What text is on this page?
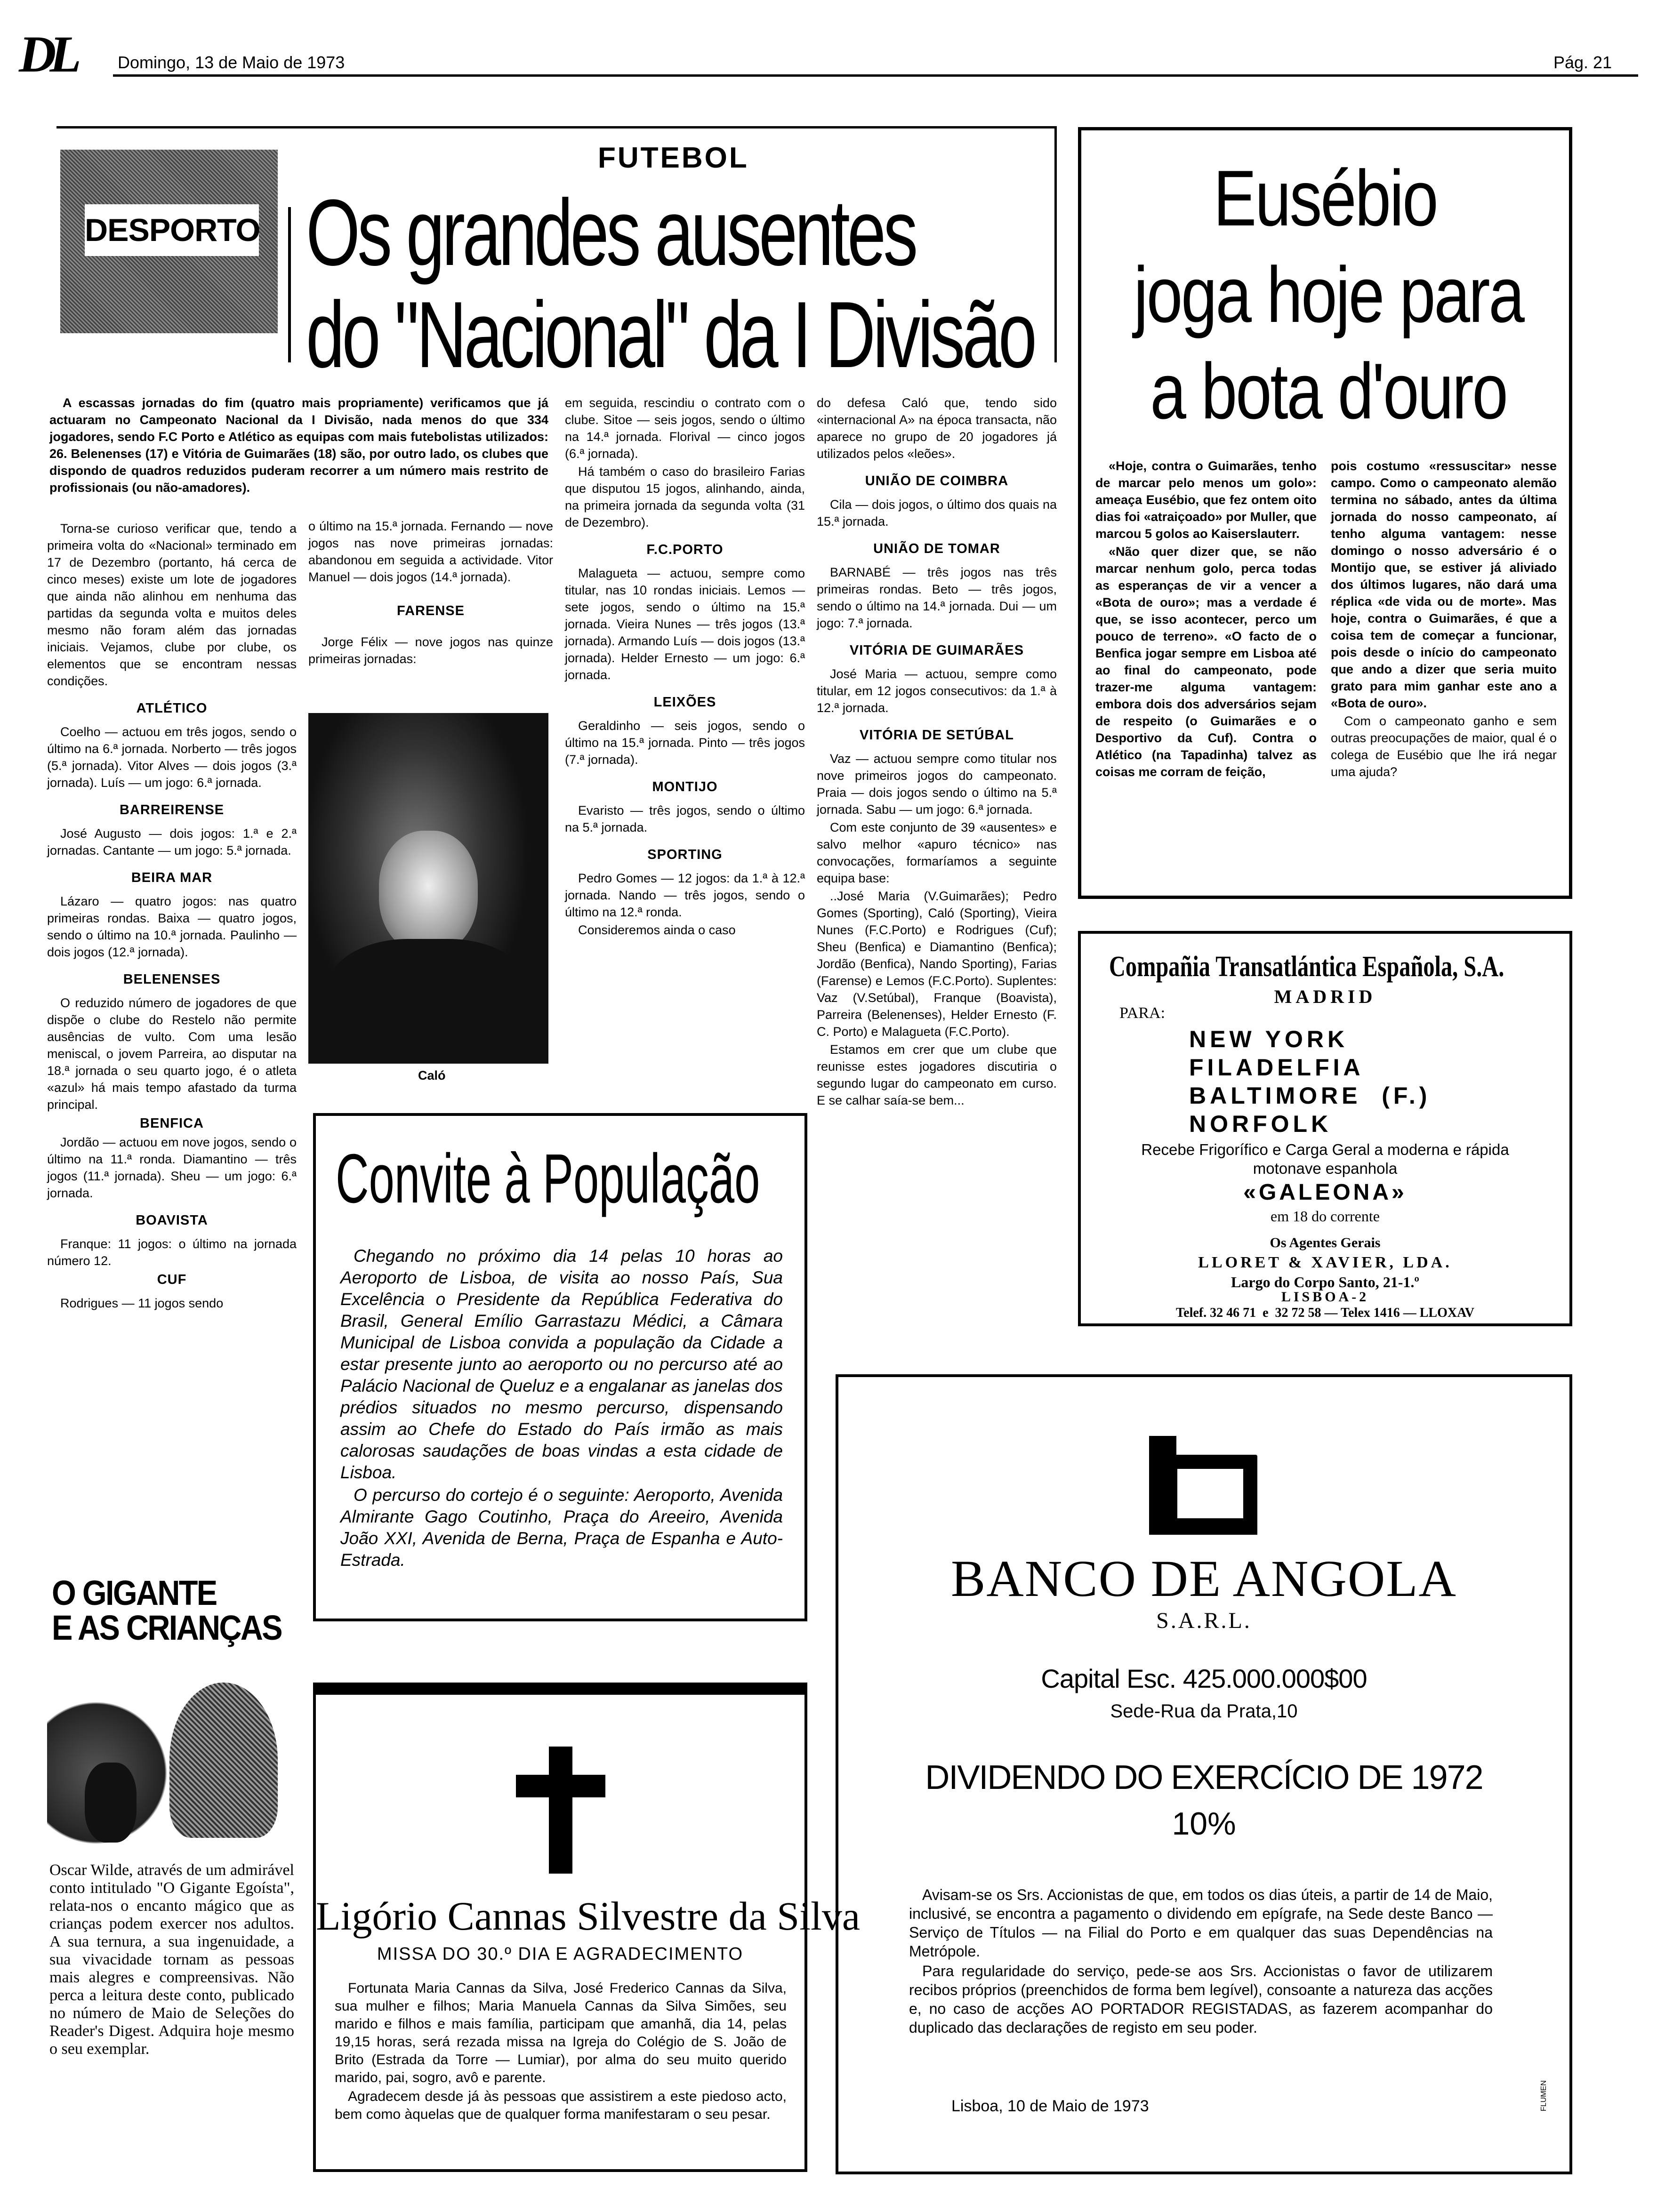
DL	Domingo, 13 de Maio de 1973	Pág. 21
DESPORTO
FUTEBOL
Os grandes ausentes
do "Nacional" da I Divisão

A escassas jornadas do fim (quatro mais propriamente) verificamos que já actuaram no Campeonato Nacional da I Divisão, nada menos do que 334 jogadores, sendo F.C Porto e Atlético as equipas com mais futebolistas utilizados: 26. Belenenses (17) e Vitória de Guimarães (18) são, por outro lado, os clubes que dispondo de quadros reduzidos puderam recorrer a um número mais restrito de profissionais (ou não-amadores).

Torna-se curioso verificar que, tendo a primeira volta do «Nacional» terminado em 17 de Dezembro (portanto, há cerca de cinco meses) existe um lote de jogadores que ainda não alinhou em nenhuma das partidas da segunda volta e muitos deles mesmo não foram além das jornadas iniciais. Vejamos, clube por clube, os elementos que se encontram nessas condições.

ATLÉTICO

Coelho — actuou em três jogos, sendo o último na 6.ª jornada. Norberto — três jogos (5.ª jornada). Vitor Alves — dois jogos (3.ª jornada). Luís — um jogo: 6.ª jornada.

BARREIRENSE

José Augusto — dois jogos: 1.ª e 2.ª jornadas. Cantante — um jogo: 5.ª jornada.

BEIRA MAR

Lázaro — quatro jogos: nas quatro primeiras rondas. Baixa — quatro jogos, sendo o último na 10.ª jornada. Paulinho — dois jogos (12.ª jornada).

BELENENSES

O reduzido número de jogadores de que dispõe o clube do Restelo não permite ausências de vulto. Com uma lesão meniscal, o jovem Parreira, ao disputar na 18.ª jornada o seu quarto jogo, é o atleta «azul» há mais tempo afastado da turma principal.

BENFICA

Jordão — actuou em nove jogos, sendo o último na 11.ª ronda. Diamantino — três jogos (11.ª jornada). Sheu — um jogo: 6.ª jornada.

BOAVISTA

Franque: 11 jogos: o último na jornada número 12.

CUF

Rodrigues — 11 jogos sendo

o último na 15.ª jornada. Fernando — nove jogos nas nove primeiras jornadas: abandonou em seguida a actividade. Vitor Manuel — dois jogos (14.ª jornada).

FARENSE

Jorge Félix — nove jogos nas quinze primeiras jornadas:

Caló

em seguida, rescindiu o contrato com o clube. Sitoe — seis jogos, sendo o último na 14.ª jornada. Florival — cinco jogos (6.ª jornada).

Há também o caso do brasileiro Farias que disputou 15 jogos, alinhando, ainda, na primeira jornada da segunda volta (31 de Dezembro).

F.C.PORTO

Malagueta — actuou, sempre como titular, nas 10 rondas iniciais. Lemos — sete jogos, sendo o último na 15.ª jornada. Vieira Nunes — três jogos (13.ª jornada). Armando Luís — dois jogos (13.ª jornada). Helder Ernesto — um jogo: 6.ª jornada.

LEIXÕES

Geraldinho — seis jogos, sendo o último na 15.ª jornada. Pinto — três jogos (7.ª jornada).

MONTIJO

Evaristo — três jogos, sendo o último na 5.ª jornada.

SPORTING

Pedro Gomes — 12 jogos: da 1.ª à 12.ª jornada. Nando — três jogos, sendo o último na 12.ª ronda.

Consideremos ainda o caso

do defesa Caló que, tendo sido «internacional A» na época transacta, não aparece no grupo de 20 jogadores já utilizados pelos «leões».

UNIÃO DE COIMBRA

Cila — dois jogos, o último dos quais na 15.ª jornada.

UNIÃO DE TOMAR

BARNABÉ — três jogos nas três primeiras rondas. Beto — três jogos, sendo o último na 14.ª jornada. Dui — um jogo: 7.ª jornada.

VITÓRIA DE GUIMARÃES

José Maria — actuou, sempre como titular, em 12 jogos consecutivos: da 1.ª à 12.ª jornada.

VITÓRIA DE SETÚBAL

Vaz — actuou sempre como titular nos nove primeiros jogos do campeonato. Praia — dois jogos sendo o último na 5.ª jornada. Sabu — um jogo: 6.ª jornada.

Com este conjunto de 39 «ausentes» e salvo melhor «apuro técnico» nas convocações, formaríamos a seguinte equipa base:

..José Maria (V.Guimarães); Pedro Gomes (Sporting), Caló (Sporting), Vieira Nunes (F.C.Porto) e Rodrigues (Cuf); Sheu (Benfica) e Diamantino (Benfica); Jordão (Benfica), Nando Sporting), Farias (Farense) e Lemos (F.C.Porto). Suplentes: Vaz (V.Setúbal), Franque (Boavista), Parreira (Belenenses), Helder Ernesto (F. C. Porto) e Malagueta (F.C.Porto).

Estamos em crer que um clube que reunisse estes jogadores discutiria o segundo lugar do campeonato em curso. E se calhar saía-se bem...

Eusébio
joga hoje para
a bota d'ouro

«Hoje, contra o Guimarães, tenho de marcar pelo menos um golo»: ameaça Eusébio, que fez ontem oito dias foi «atraiçoado» por Muller, que marcou 5 golos ao Kaiserslauterr.

«Não quer dizer que, se não marcar nenhum golo, perca todas as esperanças de vir a vencer a «Bota de ouro»; mas a verdade é que, se isso acontecer, perco um pouco de terreno». «O facto de o Benfica jogar sempre em Lisboa até ao final do campeonato, pode trazer-me alguma vantagem: embora dois dos adversários sejam de respeito (o Guimarães e o Desportivo da Cuf). Contra o Atlético (na Tapadinha) talvez as coisas me corram de feição,

pois costumo «ressuscitar» nesse campo. Como o campeonato alemão termina no sábado, antes da última jornada do nosso campeonato, aí tenho alguma vantagem: nesse domingo o nosso adversário é o Montijo que, se estiver já aliviado dos últimos lugares, não dará uma réplica «de vida ou de morte». Mas hoje, contra o Guimarães, é que a coisa tem de começar a funcionar, pois desde o início do campeonato que ando a dizer que seria muito grato para mim ganhar este ano a «Bota de ouro».

Com o campeonato ganho e sem outras preocupações de maior, qual é o colega de Eusébio que lhe irá negar uma ajuda?

Compañia Transatlántica Española, S.A.
MADRID
PARA:
NEW YORK
FILADELFIA
BALTIMORE  (F.)
NORFOLK
Recebe Frigorífico e Carga Geral a moderna e rápida
motonave espanhola
«GALEONA»
em 18 do corrente
Os Agentes Gerais
LLORET & XAVIER, LDA.
Largo do Corpo Santo, 21-1.º
LISBOA-2
Telef. 32 46 71  e  32 72 58 — Telex 1416 — LLOXAV
BANCO DE ANGOLA
S.A.R.L.
Capital Esc. 425.000.000$00
Sede-Rua da Prata,10
DIVIDENDO DO EXERCÍCIO DE 1972
10%

Avisam-se os Srs. Accionistas de que, em todos os dias úteis, a partir de 14 de Maio, inclusivé, se encontra a pagamento o dividendo em epígrafe, na Sede deste Banco — Serviço de Títulos — na Filial do Porto e em qualquer das suas Dependências na Metrópole.

Para regularidade do serviço, pede-se aos Srs. Accionistas o favor de utilizarem recibos próprios (preenchidos de forma bem legível), consoante a natureza das acções e, no caso de acções AO PORTADOR REGISTADAS, as fazerem acompanhar do duplicado das declarações de registo em seu poder.

Lisboa, 10 de Maio de 1973	FLUMEN
Convite à População

Chegando no próximo dia 14 pelas 10 horas ao Aeroporto de Lisboa, de visita ao nosso País, Sua Excelência o Presidente da República Federativa do Brasil, General Emílio Garrastazu Médici, a Câmara Municipal de Lisboa convida a população da Cidade a estar presente junto ao aeroporto ou no percurso até ao Palácio Nacional de Queluz e a engalanar as janelas dos prédios situados no mesmo percurso, dispensando assim ao Chefe do Estado do País irmão as mais calorosas saudações de boas vindas a esta cidade de Lisboa.

O percurso do cortejo é o seguinte: Aeroporto, Avenida Almirante Gago Coutinho, Praça do Areeiro, Avenida João XXI, Avenida de Berna, Praça de Espanha e Auto-Estrada.

Ligório Cannas Silvestre da Silva
MISSA DO 30.º DIA E AGRADECIMENTO

Fortunata Maria Cannas da Silva, José Frederico Cannas da Silva, sua mulher e filhos; Maria Manuela Cannas da Silva Simões, seu marido e filhos e mais família, participam que amanhã, dia 14, pelas 19,15 horas, será rezada missa na Igreja do Colégio de S. João de Brito (Estrada da Torre — Lumiar), por alma do seu muito querido marido, pai, sogro, avô e parente.

Agradecem desde já às pessoas que assistirem a este piedoso acto, bem como àquelas que de qualquer forma manifestaram o seu pesar.

O GIGANTE
E AS CRIANÇAS

Oscar Wilde, através de um admirável conto intitulado "O Gigante Egoísta", relata-nos o encanto mágico que as crianças podem exercer nos adultos. A sua ternura, a sua ingenuidade, a sua vivacidade tornam as pessoas mais alegres e compreensivas. Não perca a leitura deste conto, publicado no número de Maio de Seleções do Reader's Digest. Adquira hoje mesmo o seu exemplar.
